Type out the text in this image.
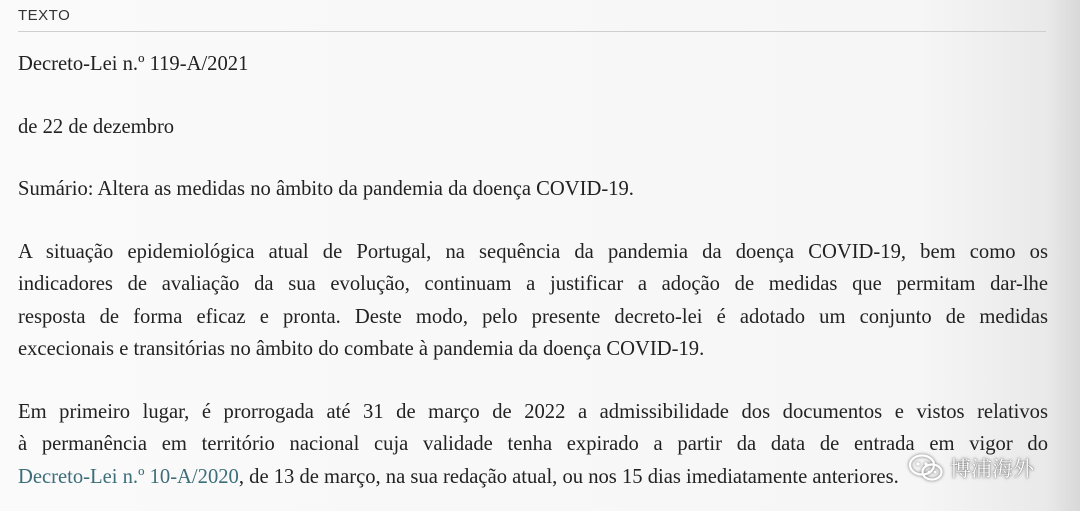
TEXTO

Decreto-Lei n.º 119-A/2021

de 22 de dezembro

Sumário: Altera as medidas no âmbito da pandemia da doença COVID-19.

A situação epidemiológica atual de Portugal, na sequência da pandemia da doença COVID-19, bem como os
indicadores de avaliação da sua evolução, continuam a justificar a adoção de medidas que permitam dar-lhe
resposta de forma eficaz e pronta. Deste modo, pelo presente decreto-lei é adotado um conjunto de medidas
excecionais e transitórias no âmbito do combate à pandemia da doença COVID-19.

Em primeiro lugar, é prorrogada até 31 de março de 2022 a admissibilidade dos documentos e vistos relativos
à permanência em território nacional cuja validade tenha expirado a partir da data de entrada em vigor do
Decreto-Lei n.º 10-A/2020, de 13 de março, na sua redação atual, ou nos 15 dias imediatamente anteriores.	博浦海外
